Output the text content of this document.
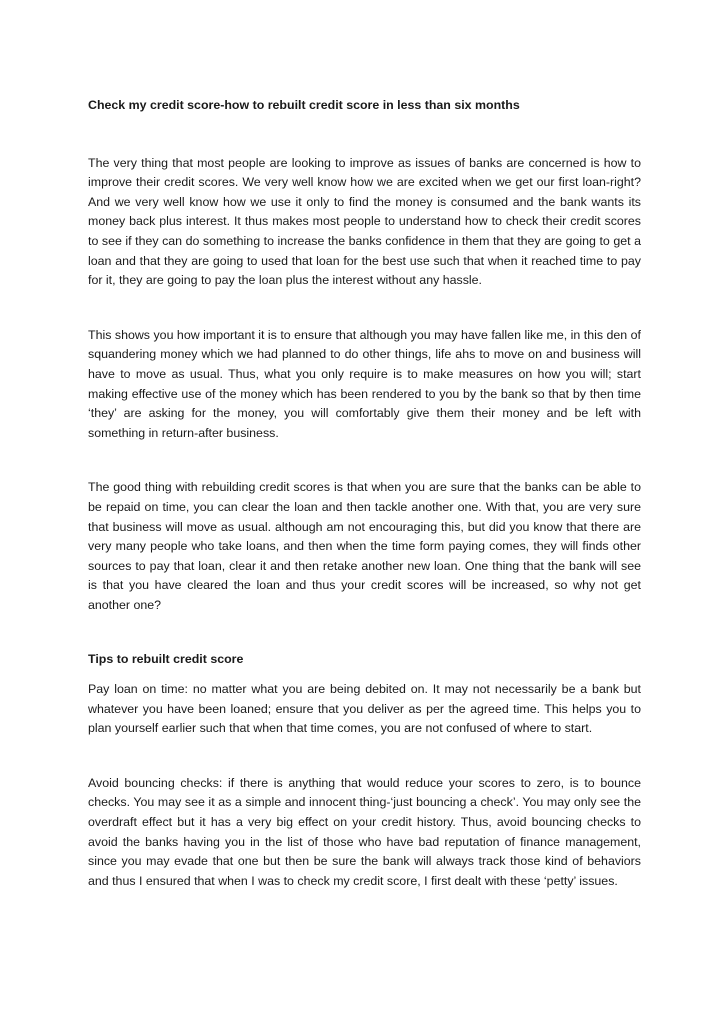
Check my credit score-how to rebuilt credit score in less than six months

The very thing that most people are looking to improve as issues of banks are concerned is how to improve their credit scores. We very well know how we are excited when we get our first loan-right? And we very well know how we use it only to find the money is consumed and the bank wants its money back plus interest. It thus makes most people to understand how to check their credit scores to see if they can do something to increase the banks confidence in them that they are going to get a loan and that they are going to used that loan for the best use such that when it reached time to pay for it, they are going to pay the loan plus the interest without any hassle.

This shows you how important it is to ensure that although you may have fallen like me, in this den of squandering money which we had planned to do other things, life ahs to move on and business will have to move as usual. Thus, what you only require is to make measures on how you will; start making effective use of the money which has been rendered to you by the bank so that by then time ‘they’ are asking for the money, you will comfortably give them their money and be left with something in return-after business.

The good thing with rebuilding credit scores is that when you are sure that the banks can be able to be repaid on time, you can clear the loan and then tackle another one. With that, you are very sure that business will move as usual. although am not encouraging this, but did you know that there are very many people who take loans, and then when the time form paying comes, they will finds other sources to pay that loan, clear it and then retake another new loan. One thing that the bank will see is that you have cleared the loan and thus your credit scores will be increased, so why not get another one?

Tips to rebuilt credit score

Pay loan on time: no matter what you are being debited on. It may not necessarily be a bank but whatever you have been loaned; ensure that you deliver as per the agreed time. This helps you to plan yourself earlier such that when that time comes, you are not confused of where to start.

Avoid bouncing checks: if there is anything that would reduce your scores to zero, is to bounce checks. You may see it as a simple and innocent thing-‘just bouncing a check’. You may only see the overdraft effect but it has a very big effect on your credit history. Thus, avoid bouncing checks to avoid the banks having you in the list of those who have bad reputation of finance management, since you may evade that one but then be sure the bank will always track those kind of behaviors and thus I ensured that when I was to check my credit score, I first dealt with these ‘petty’ issues.
